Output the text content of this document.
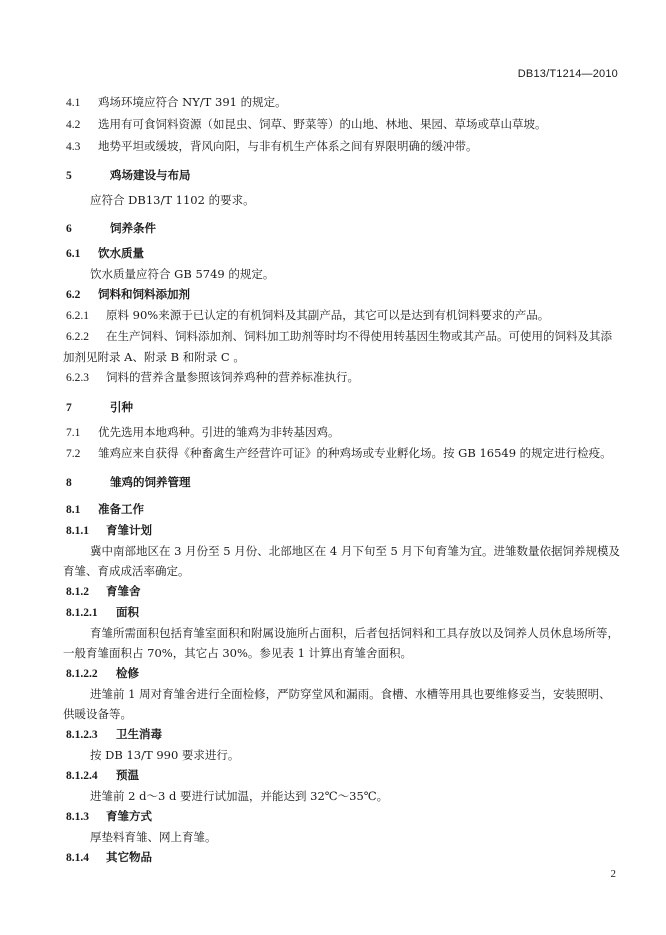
DB13/T1214—2010
4.1 鸡场环境应符合 NY/T 391 的规定。
4.2 选用有可食饲料资源（如昆虫、饲草、野菜等）的山地、林地、果园、草场或草山草坡。
4.3 地势平坦或缓坡，背风向阳，与非有机生产体系之间有界限明确的缓冲带。
5	鸡场建设与布局
应符合 DB13/T 1102 的要求。
6	饲养条件
6.1 饮水质量
饮水质量应符合 GB 5749 的规定。
6.2 饲料和饲料添加剂
6.2.1 原料 90%来源于已认定的有机饲料及其副产品，其它可以是达到有机饲料要求的产品。
6.2.2 在生产饲料、饲料添加剂、饲料加工助剂等时均不得使用转基因生物或其产品。可使用的饲料及其添
加剂见附录 A、附录 B 和附录 C 。
6.2.3 饲料的营养含量参照该饲养鸡种的营养标准执行。
7	引种
7.1 优先选用本地鸡种。引进的雏鸡为非转基因鸡。
7.2 雏鸡应来自获得《种畜禽生产经营许可证》的种鸡场或专业孵化场。按 GB 16549 的规定进行检疫。
8	雏鸡的饲养管理
8.1 准备工作
8.1.1 育雏计划
冀中南部地区在 3 月份至 5 月份、北部地区在 4 月下旬至 5 月下旬育雏为宜。进雏数量依据饲养规模及
育雏、育成成活率确定。
8.1.2 育雏舍
8.1.2.1 面积
育雏所需面积包括育雏室面积和附属设施所占面积，后者包括饲料和工具存放以及饲养人员休息场所等，
一般育雏面积占 70%，其它占 30%。参见表 1 计算出育雏舍面积。
8.1.2.2 检修
进雏前 1 周对育雏舍进行全面检修，严防穿堂风和漏雨。食槽、水槽等用具也要维修妥当，安装照明、
供暖设备等。
8.1.2.3 卫生消毒
按 DB 13/T 990 要求进行。
8.1.2.4 预温
进雏前 2 d～3 d 要进行试加温，并能达到 32℃～35℃。
8.1.3 育雏方式
厚垫料育雏、网上育雏。
8.1.4 其它物品
2
